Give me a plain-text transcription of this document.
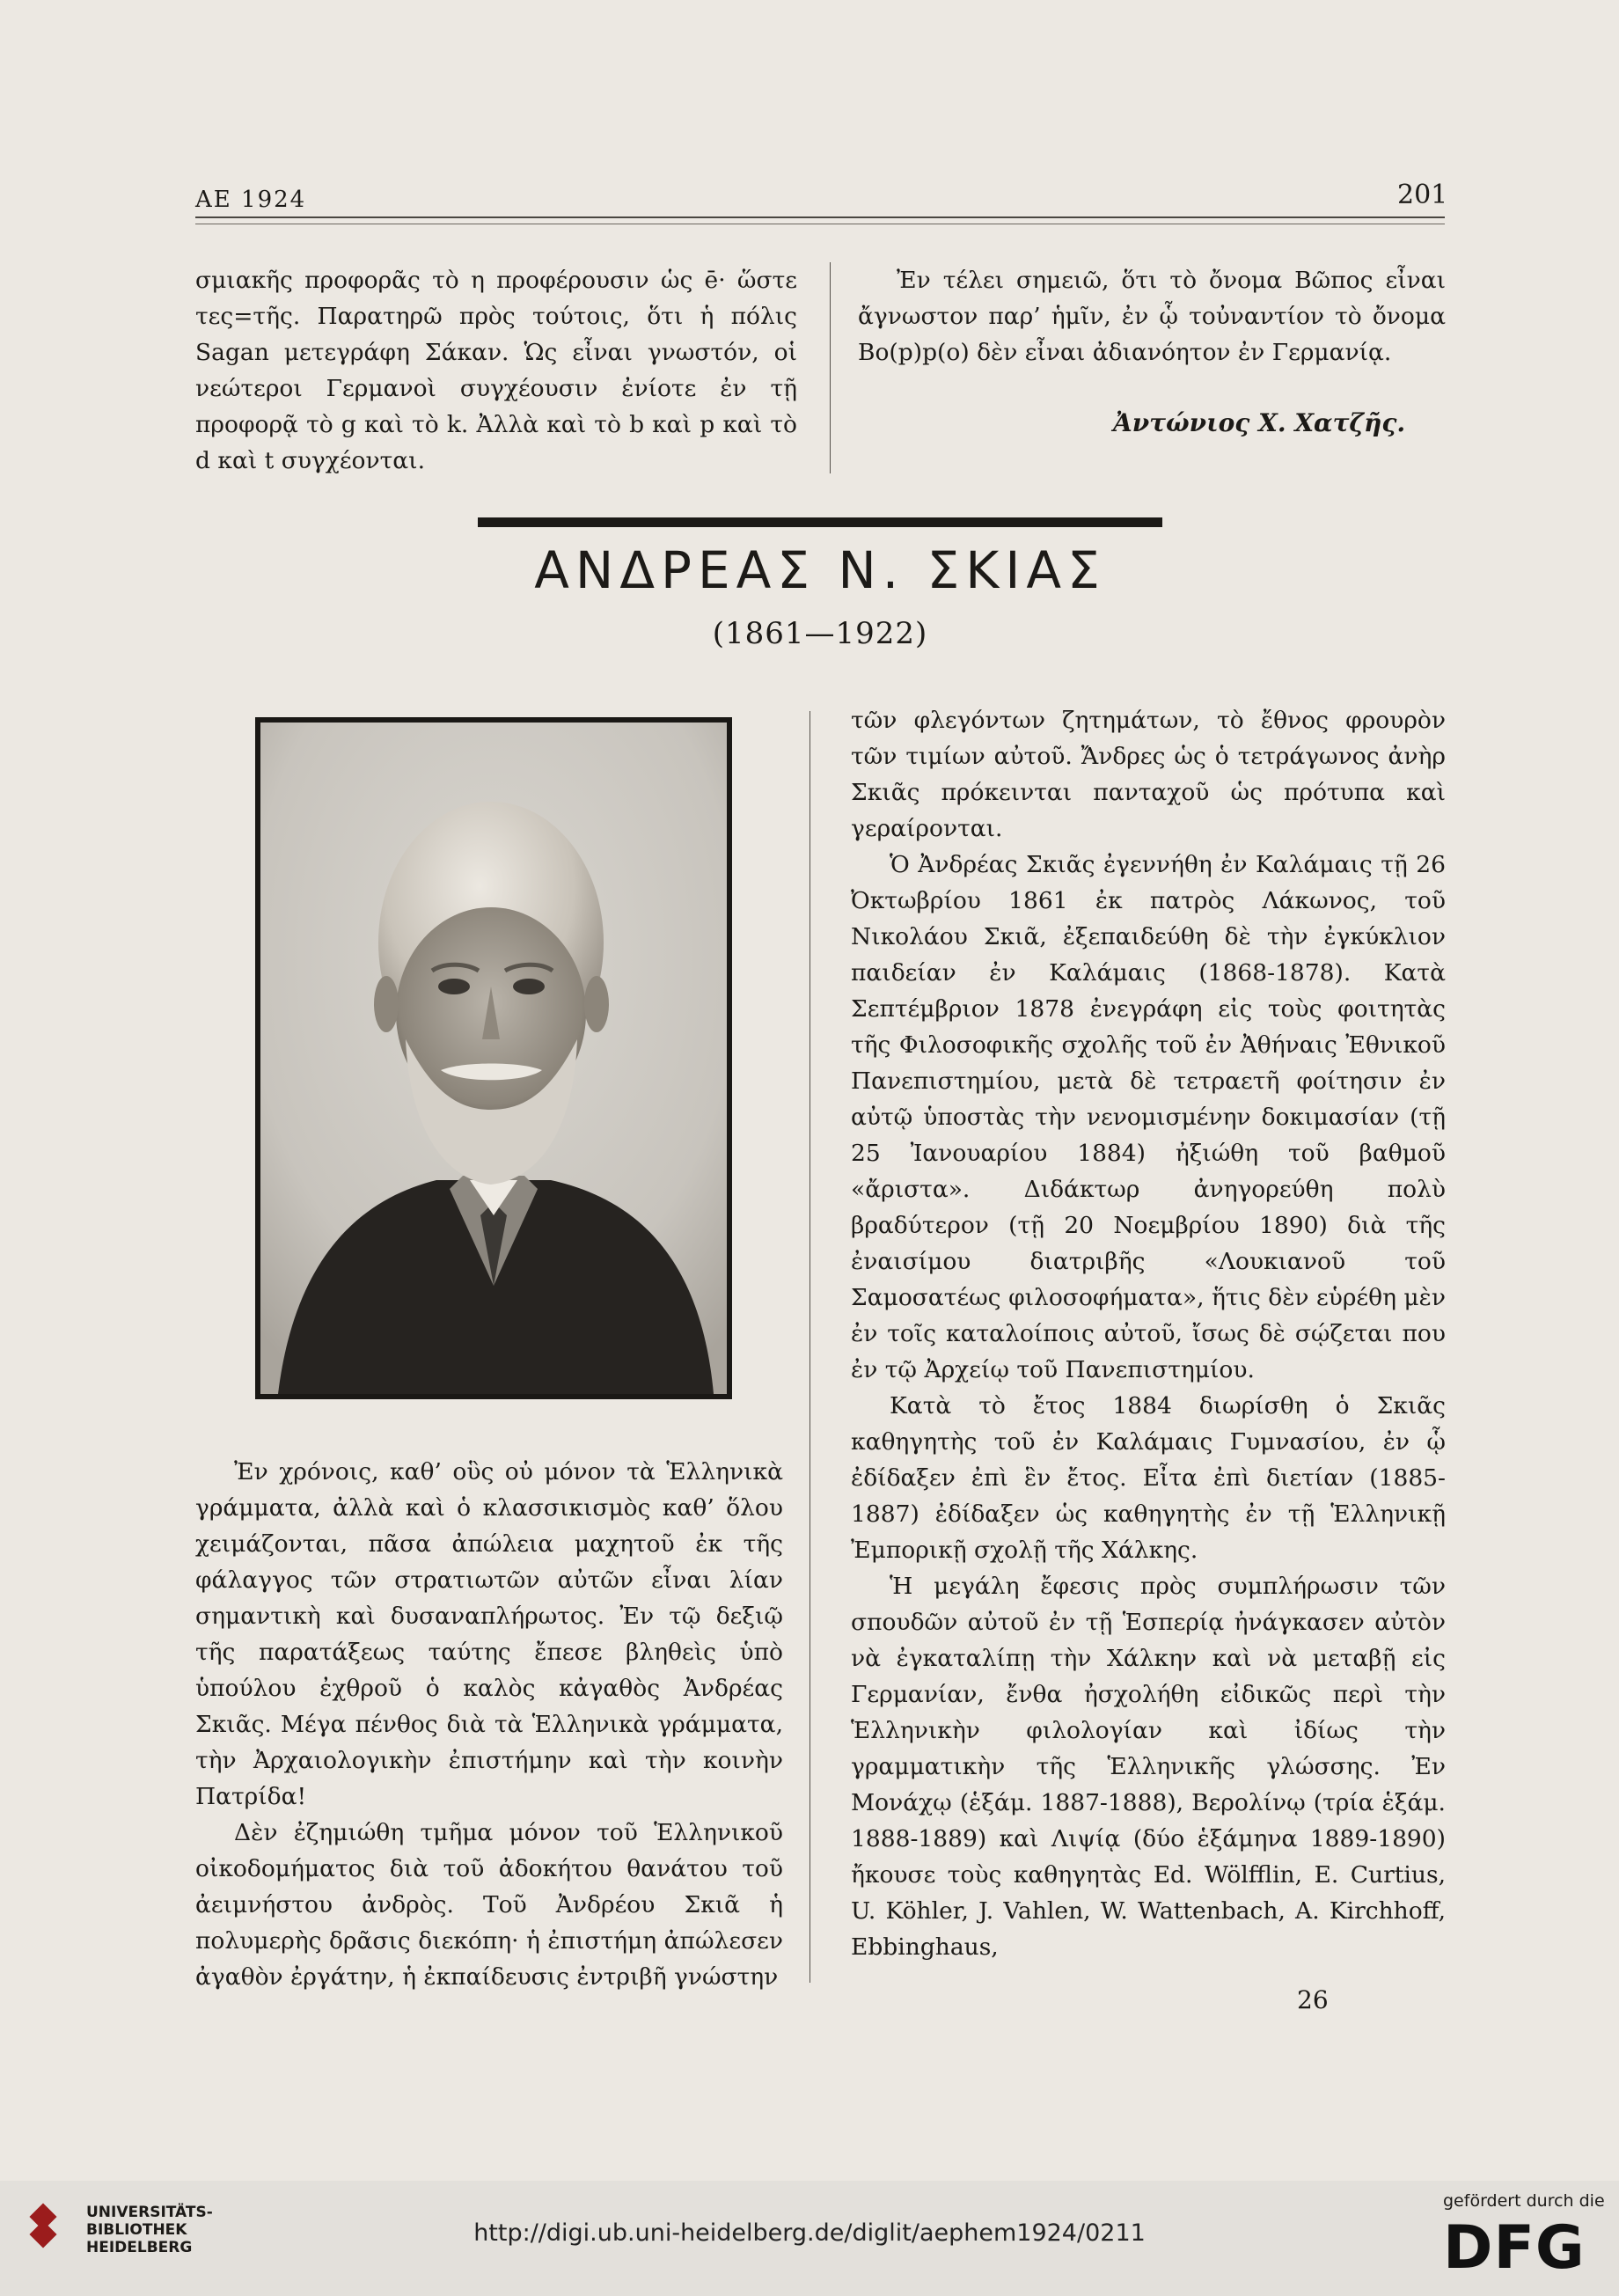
ΑΕ 1924	201

σμιακῆς προφορᾶς τὸ η προφέρουσιν ὡς ē· ὥστε τες=τῆς. Παρατηρῶ πρὸς τούτοις, ὅτι ἡ πόλις Sagan μετεγράφη Σάκαν. Ὡς εἶναι γνωστόν, οἱ νεώτεροι Γερμανοὶ συγχέουσιν ἐνίοτε ἐν τῇ προφορᾷ τὸ g καὶ τὸ k. Ἀλλὰ καὶ τὸ b καὶ p καὶ τὸ d καὶ t συγχέονται.

Ἐν τέλει σημειῶ, ὅτι τὸ ὄνομα Βῶπος εἶναι ἄγνωστον παρ’ ἡμῖν, ἐν ᾧ τοὐναντίον τὸ ὄνομα Bo(p)p(o) δὲν εἶναι ἀδιανόητον ἐν Γερμανίᾳ.

Ἀντώνιος Χ. Χατζῆς.
ΑΝΔΡΕΑΣ Ν. ΣΚΙΑΣ
(1861—1922)

Ἐν χρόνοις, καθ’ οὓς οὐ μόνον τὰ Ἑλληνικὰ γράμματα, ἀλλὰ καὶ ὁ κλασσικισμὸς καθ’ ὅλου χειμάζονται, πᾶσα ἀπώλεια μαχητοῦ ἐκ τῆς φάλαγγος τῶν στρατιωτῶν αὐτῶν εἶναι λίαν σημαντικὴ καὶ δυσαναπλήρωτος. Ἐν τῷ δεξιῷ τῆς παρατάξεως ταύτης ἔπεσε βληθεὶς ὑπὸ ὑπούλου ἐχθροῦ ὁ καλὸς κἀγαθὸς Ἀνδρέας Σκιᾶς. Μέγα πένθος διὰ τὰ Ἑλληνικὰ γράμματα, τὴν Ἀρχαιολογικὴν ἐπιστήμην καὶ τὴν κοινὴν Πατρίδα!

Δὲν ἐζημιώθη τμῆμα μόνον τοῦ Ἑλληνικοῦ οἰκοδομήματος διὰ τοῦ ἀδοκήτου θανάτου τοῦ ἀειμνήστου ἀνδρὸς. Τοῦ Ἀνδρέου Σκιᾶ ἡ πολυμερὴς δρᾶσις διεκόπη· ἡ ἐπιστήμη ἀπώλεσεν ἀγαθὸν ἐργάτην, ἡ ἐκπαίδευσις ἐντριβῆ γνώστην

τῶν φλεγόντων ζητημάτων, τὸ ἔθνος φρουρὸν τῶν τιμίων αὐτοῦ. Ἄνδρες ὡς ὁ τετράγωνος ἀνὴρ Σκιᾶς πρόκεινται πανταχοῦ ὡς πρότυπα καὶ γεραίρονται.

Ὁ Ἀνδρέας Σκιᾶς ἐγεννήθη ἐν Καλάμαις τῇ 26 Ὀκτωβρίου 1861 ἐκ πατρὸς Λάκωνος, τοῦ Νικολάου Σκιᾶ, ἐξεπαιδεύθη δὲ τὴν ἐγκύκλιον παιδείαν ἐν Καλάμαις (1868-1878). Κατὰ Σεπτέμβριον 1878 ἐνεγράφη εἰς τοὺς φοιτητὰς τῆς Φιλοσοφικῆς σχολῆς τοῦ ἐν Ἀθήναις Ἐθνικοῦ Πανεπιστημίου, μετὰ δὲ τετραετῆ φοίτησιν ἐν αὐτῷ ὑποστὰς τὴν νενομισμένην δοκιμασίαν (τῇ 25 Ἰανουαρίου 1884) ἠξιώθη τοῦ βαθμοῦ «ἄριστα». Διδάκτωρ ἀνηγορεύθη πολὺ βραδύτερον (τῇ 20 Νοεμβρίου 1890) διὰ τῆς ἐναισίμου διατριβῆς «Λουκιανοῦ τοῦ Σαμοσατέως φιλοσοφήματα», ἥτις δὲν εὑρέθη μὲν ἐν τοῖς καταλοίποις αὐτοῦ, ἴσως δὲ σῴζεται που ἐν τῷ Ἀρχείῳ τοῦ Πανεπιστημίου.

Κατὰ τὸ ἔτος 1884 διωρίσθη ὁ Σκιᾶς καθηγητὴς τοῦ ἐν Καλάμαις Γυμνασίου, ἐν ᾧ ἐδίδαξεν ἐπὶ ἓν ἔτος. Εἶτα ἐπὶ διετίαν (1885-1887) ἐδίδαξεν ὡς καθηγητὴς ἐν τῇ Ἑλληνικῇ Ἐμπορικῇ σχολῇ τῆς Χάλκης.

Ἡ μεγάλη ἔφεσις πρὸς συμπλήρωσιν τῶν σπουδῶν αὐτοῦ ἐν τῇ Ἑσπερίᾳ ἠνάγκασεν αὐτὸν νὰ ἐγκαταλίπῃ τὴν Χάλκην καὶ νὰ μεταβῇ εἰς Γερμανίαν, ἔνθα ἠσχολήθη εἰδικῶς περὶ τὴν Ἑλληνικὴν φιλολογίαν καὶ ἰδίως τὴν γραμματικὴν τῆς Ἑλληνικῆς γλώσσης. Ἐν Μονάχῳ (ἑξάμ. 1887-1888), Βερολίνῳ (τρία ἑξάμ. 1888-1889) καὶ Λιψίᾳ (δύο ἑξάμηνα 1889-1890) ἤκουσε τοὺς καθηγητὰς Ed. Wölfflin, E. Curtius, U. Köhler, J. Vahlen, W. Wattenbach, A. Kirchhoff, Ebbinghaus,

26
UNIVERSITÄTS-
BIBLIOTHEK
HEIDELBERG
http://digi.ub.uni-heidelberg.de/diglit/aephem1924/0211
gefördert durch die
DFG
